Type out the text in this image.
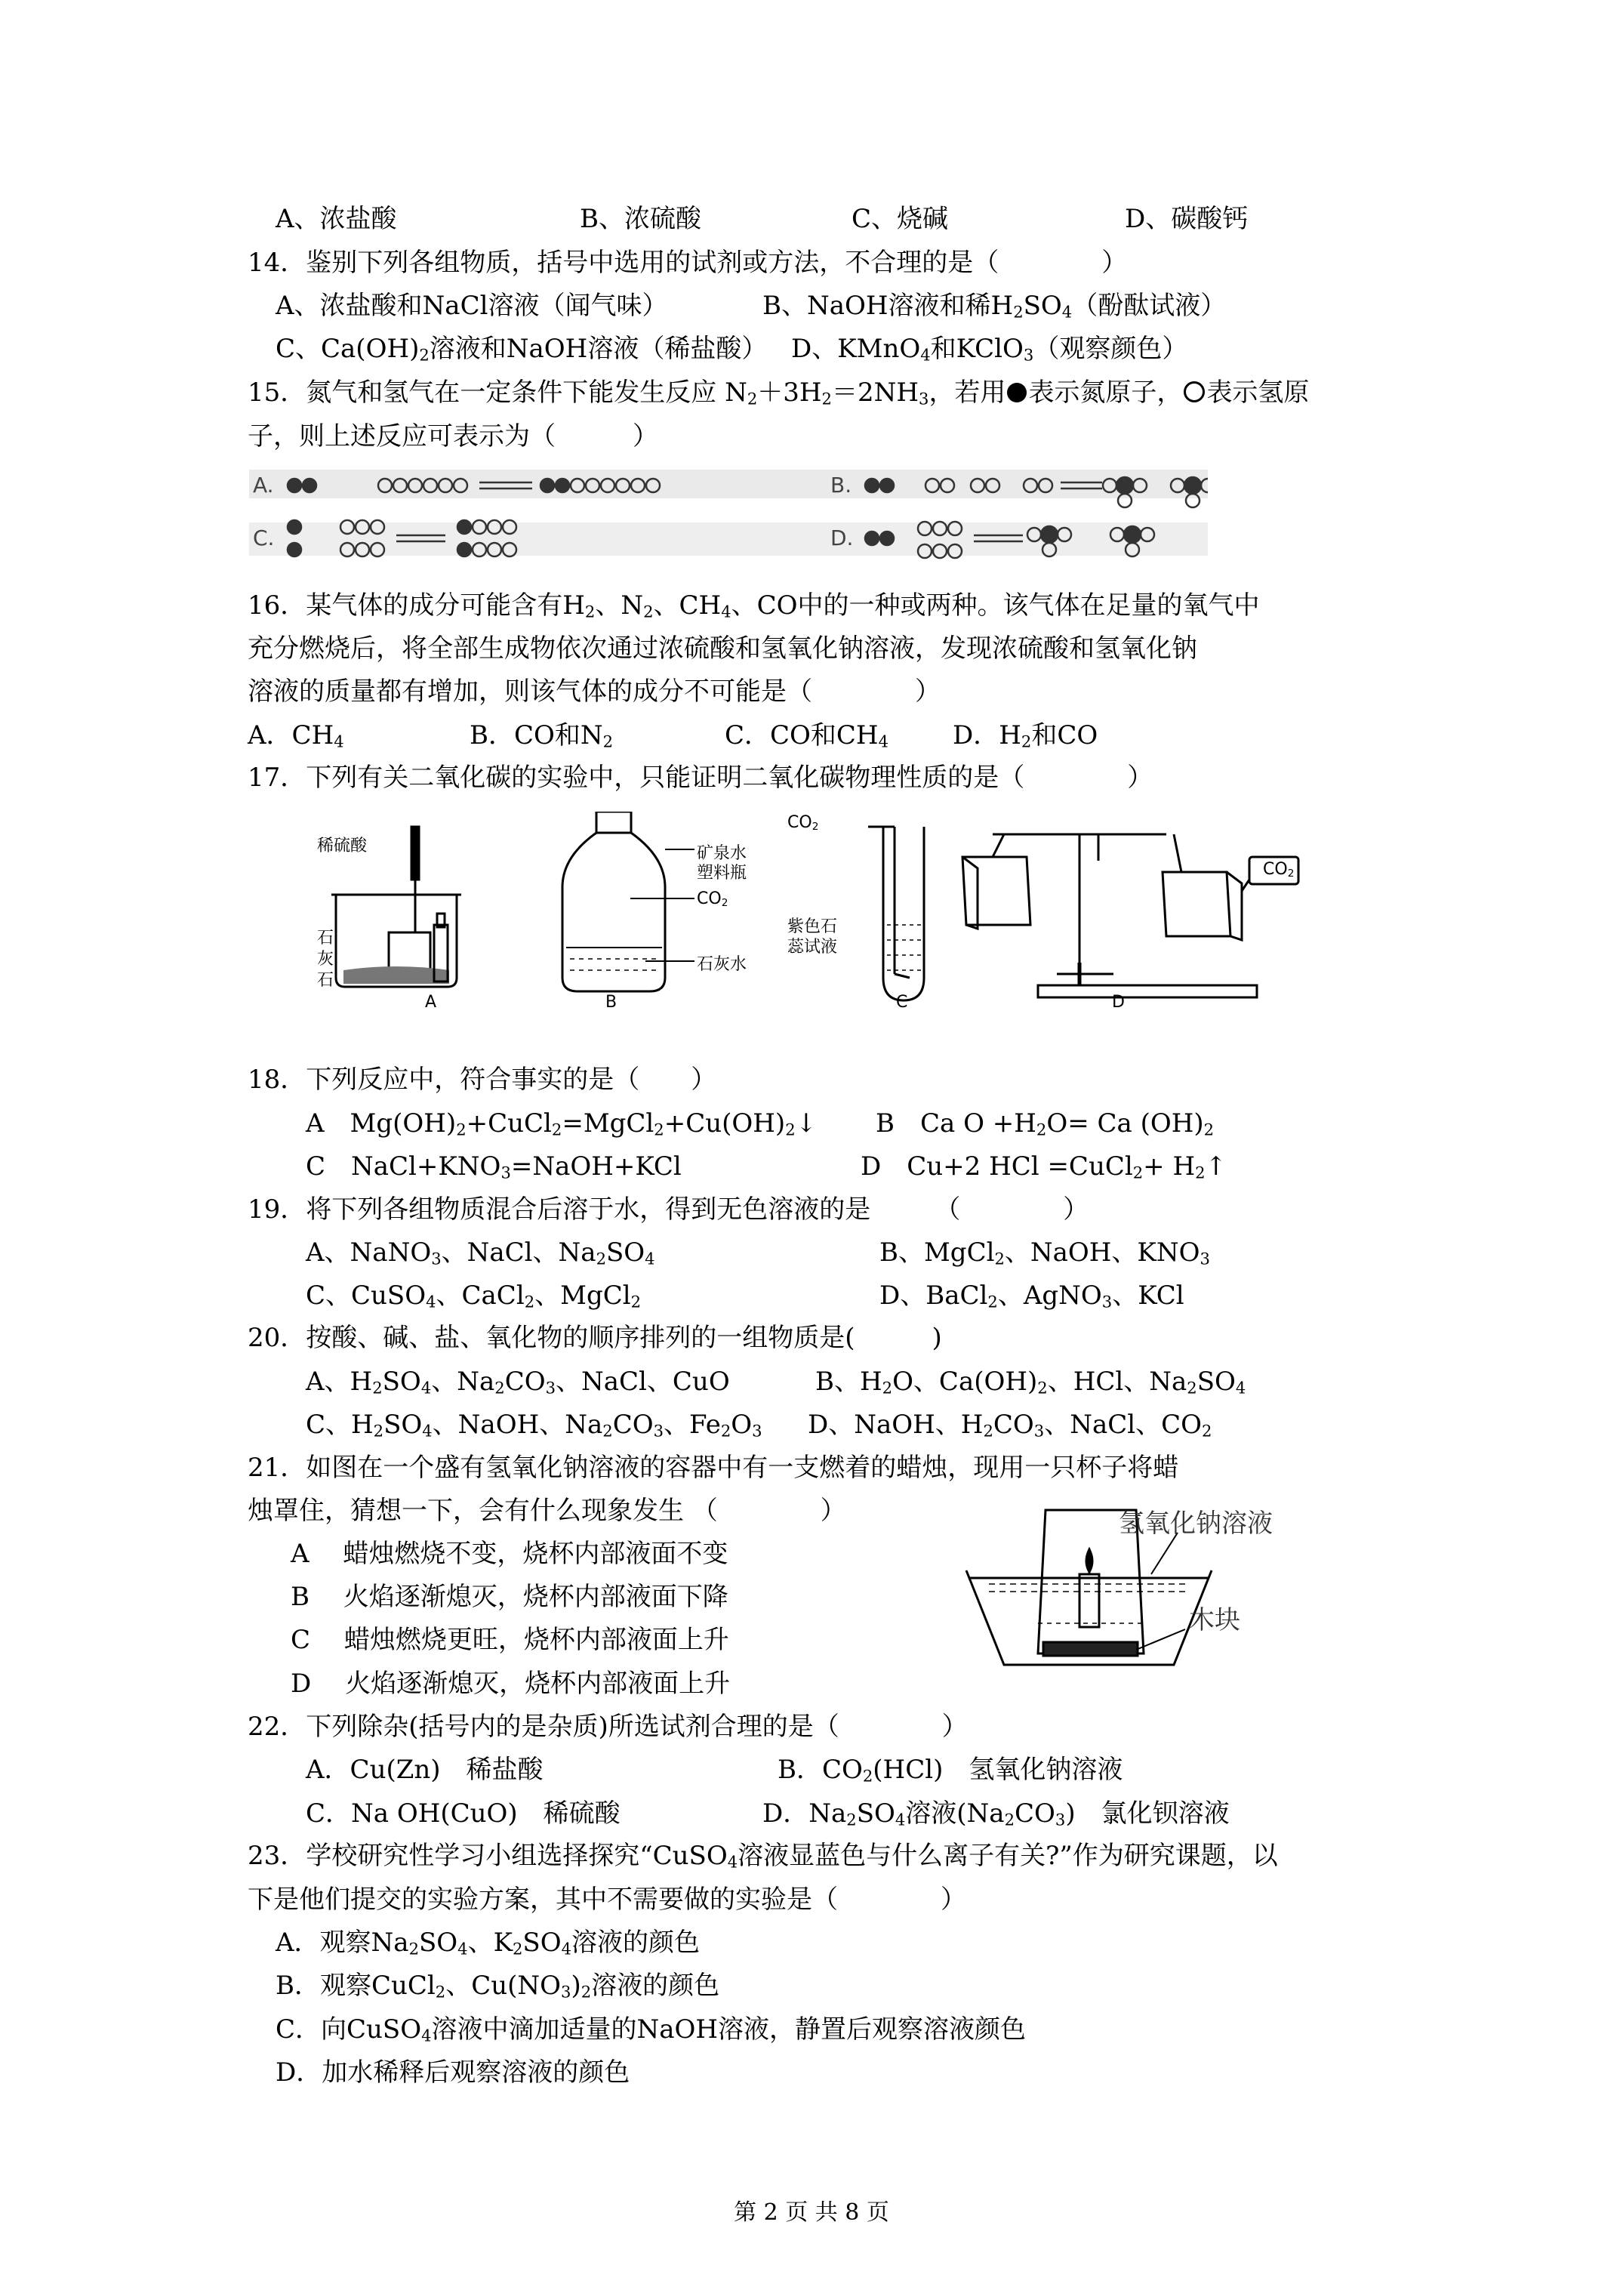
A、浓盐酸	B、浓硫酸	C、烧碱	D、碳酸钙
14．鉴别下列各组物质，括号中选用的试剂或方法，不合理的是（　　　　）
A、浓盐酸和NaCl溶液（闻气味）	B、NaOH溶液和稀$H_2SO_4$（酚酞试液）
C、$Ca(OH)_2$溶液和NaOH溶液（稀盐酸） D、KMnO$_4$和KClO$_3$（观察颜色）
15．氮气和氢气在一定条件下能发生反应 $N_2+3H_2=2NH_3$，若用 表示氮原子， 表示氢原
子，则上述反应可表示为（　　　）
A.
C.
B.
D.
16．某气体的成分可能含有$H_2$、$N_2$、$CH_4$、CO中的一种或两种。该气体在足量的氧气中
充分燃烧后，将全部生成物依次通过浓硫酸和氢氧化钠溶液，发现浓硫酸和氢氧化钠
溶液的质量都有增加，则该气体的成分不可能是（　　　　）
A．$CH_4$	B．CO和$N_2$	C．CO和$CH_4$	D．$H_2$和CO
17．下列有关二氧化碳的实验中，只能证明二氧化碳物理性质的是（　　　　）
稀硫酸
石
灰
石
A
矿泉水
塑料瓶
$CO_2$
石灰水
B
$CO_2$
紫色石
蕊试液
C
$CO_2$
D
18．下列反应中，符合事实的是（　　）
A　$Mg(OH)_2+CuCl_2=MgCl_2+Cu(OH)_2↓$ B　Ca $O +H_2O= Ca$ $(OH)_2$
C　$NaCl+KNO_3=NaOH+KCl$	D　Cu+2 HCl =CuCl$_2$+ $H_2↑$
19．将下列各组物质混合后溶于水，得到无色溶液的是　　　（　　　　）
A、NaNO$_3$、NaCl、$Na_2SO_4$	B、MgCl$_2$、NaOH、$KNO_3$
C、CuSO$_4$、CaCl$_2$、MgCl$_2$	D、BaCl$_2$、AgNO$_3$、KCl
20．按酸、碱、盐、氧化物的顺序排列的一组物质是(　　　)
A、$H_2SO_4$、$Na_2CO_3$、NaCl、CuO	B、$H_2O$、$Ca(OH)_2$、HCl、$Na_2SO_4$
C、$H_2SO_4$、NaOH、$Na_2CO_3$、$Fe_2O_3$ D、NaOH、$H_2CO_3$、NaCl、$CO_2$
21．如图在一个盛有氢氧化钠溶液的容器中有一支燃着的蜡烛，现用一只杯子将蜡
烛罩住，猜想一下，会有什么现象发生 （　　　　）
A　 蜡烛燃烧不变，烧杯内部液面不变
B　 火焰逐渐熄灭，烧杯内部液面下降
C　 蜡烛燃烧更旺，烧杯内部液面上升
D　 火焰逐渐熄灭，烧杯内部液面上升
氢氧化钠溶液
木块
22．下列除杂(括号内的是杂质)所选试剂合理的是（　　　　）
A．Cu(Zn)　稀盐酸	B．$CO_2(HCl)$　氢氧化钠溶液
C．Na OH(CuO)　稀硫酸	D．$Na_2SO_4$溶液$(Na_2CO_3)$　氯化钡溶液
23．学校研究性学习小组选择探究“CuSO$_4$溶液显蓝色与什么离子有关?”作为研究课题，以
下是他们提交的实验方案，其中不需要做的实验是（　　　　）
A．观察$Na_2SO_4$、$K_2SO_4$溶液的颜色
B．观察CuCl$_2$、$Cu(NO_3)_2$溶液的颜色
C．向CuSO$_4$溶液中滴加适量的NaOH溶液，静置后观察溶液颜色
D．加水稀释后观察溶液的颜色
第 2 页 共 8 页
